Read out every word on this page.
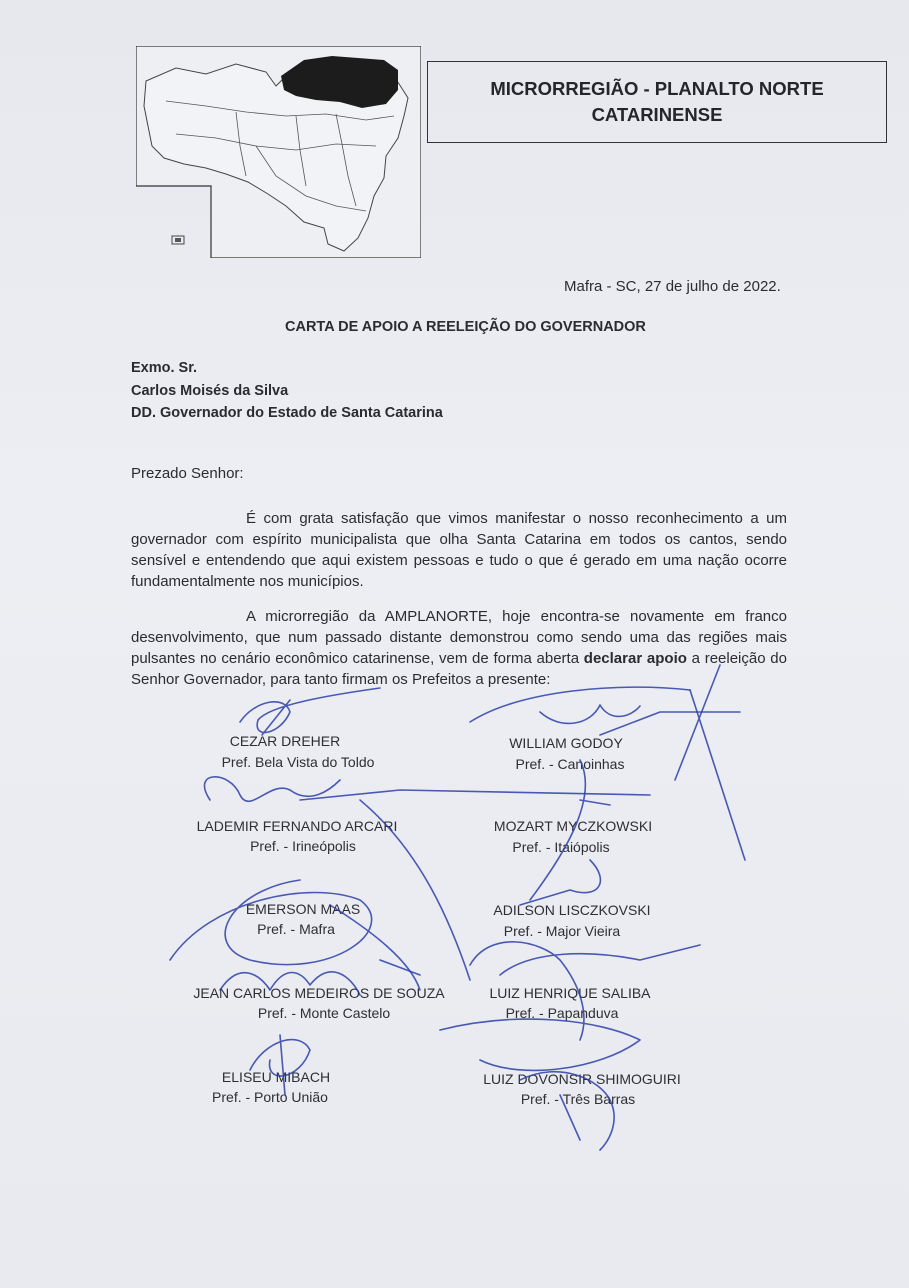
MICRORREGIÃO - PLANALTO NORTE
CATARINENSE
Mafra - SC, 27 de julho de 2022.
CARTA DE APOIO A REELEIÇÃO DO GOVERNADOR
Exmo. Sr.
Carlos Moisés da Silva
DD. Governador do Estado de Santa Catarina
Prezado Senhor:

É com grata satisfação que vimos manifestar o nosso reconhecimento a um governador com espírito municipalista que olha Santa Catarina em todos os cantos, sendo sensível e entendendo que aqui existem pessoas e tudo o que é gerado em uma nação ocorre fundamentalmente nos municípios.

A microrregião da AMPLANORTE, hoje encontra-se novamente em franco desenvolvimento, que num passado distante demonstrou como sendo uma das regiões mais pulsantes no cenário econômico catarinense, vem de forma aberta declarar apoio a reeleição do Senhor Governador, para tanto firmam os Prefeitos a presente:

CEZAR DREHER
Pref. Bela Vista do Toldo
WILLIAM GODOY
Pref. - Canoinhas
LADEMIR FERNANDO ARCARI
Pref. - Irineópolis
MOZART MYCZKOWSKI
Pref. - Itaiópolis
EMERSON MAAS
Pref. - Mafra
ADILSON LISCZKOVSKI
Pref. - Major Vieira
JEAN CARLOS MEDEIROS DE SOUZA
Pref. - Monte Castelo
LUIZ HENRIQUE SALIBA
Pref. - Papanduva
ELISEU MIBACH
Pref. - Porto União
LUIZ DOVONSIR SHIMOGUIRI
Pref. - Três Barras
